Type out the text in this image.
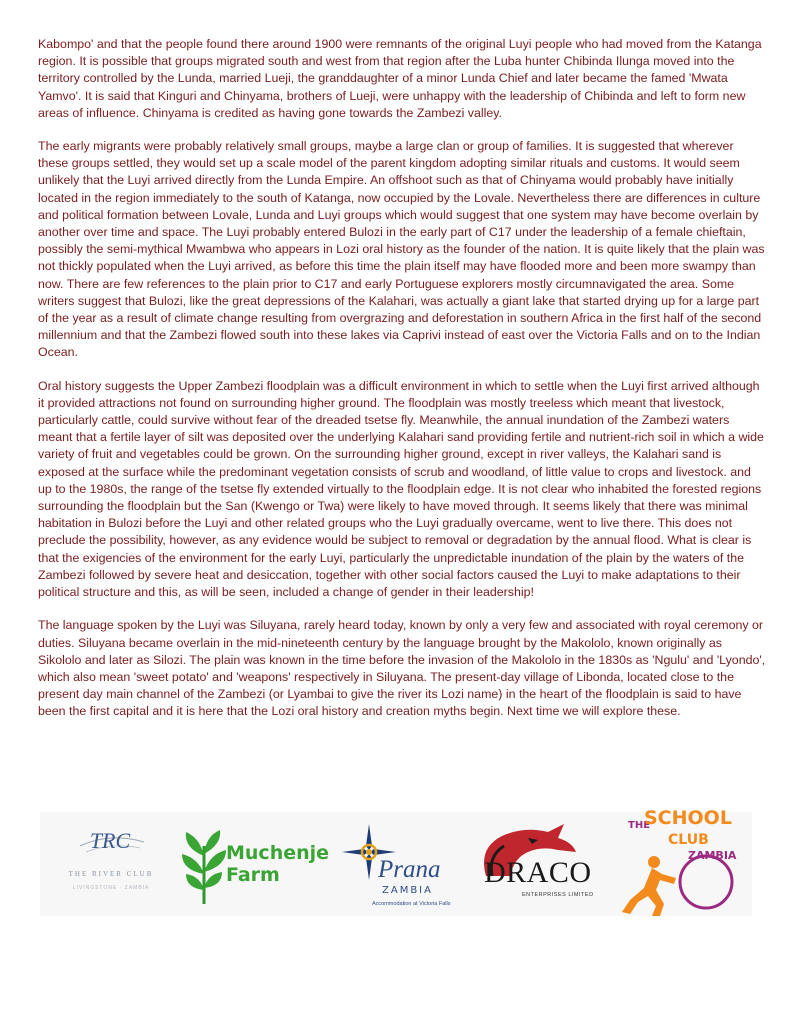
Kabompo' and that the people found there around 1900 were remnants of the original Luyi people who had moved from the Katanga region. It is possible that groups migrated south and west from that region after the Luba hunter Chibinda Ilunga moved into the territory controlled by the Lunda, married Lueji, the granddaughter of a minor Lunda Chief and later became the famed 'Mwata Yamvo'. It is said that Kinguri and Chinyama, brothers of Lueji, were unhappy with the leadership of Chibinda and left to form new areas of influence. Chinyama is credited as having gone towards the Zambezi valley.

The early migrants were probably relatively small groups, maybe a large clan or group of families. It is suggested that wherever these groups settled, they would set up a scale model of the parent kingdom adopting similar rituals and customs. It would seem unlikely that the Luyi arrived directly from the Lunda Empire. An offshoot such as that of Chinyama would probably have initially located in the region immediately to the south of Katanga, now occupied by the Lovale. Nevertheless there are differences in culture and political formation between Lovale, Lunda and Luyi groups which would suggest that one system may have become overlain by another over time and space. The Luyi probably entered Bulozi in the early part of C17 under the leadership of a female chieftain, possibly the semi-mythical Mwambwa who appears in Lozi oral history as the founder of the nation. It is quite likely that the plain was not thickly populated when the Luyi arrived, as before this time the plain itself may have flooded more and been more swampy than now. There are few references to the plain prior to C17 and early Portuguese explorers mostly circumnavigated the area. Some writers suggest that Bulozi, like the great depressions of the Kalahari, was actually a giant lake that started drying up for a large part of the year as a result of climate change resulting from overgrazing and deforestation in southern Africa in the first half of the second millennium and that the Zambezi flowed south into these lakes via Caprivi instead of east over the Victoria Falls and on to the Indian Ocean.

Oral history suggests the Upper Zambezi floodplain was a difficult environment in which to settle when the Luyi first arrived although it provided attractions not found on surrounding higher ground. The floodplain was mostly treeless which meant that livestock, particularly cattle, could survive without fear of the dreaded tsetse fly. Meanwhile, the annual inundation of the Zambezi waters meant that a fertile layer of silt was deposited over the underlying Kalahari sand providing fertile and nutrient-rich soil in which a wide variety of fruit and vegetables could be grown. On the surrounding higher ground, except in river valleys, the Kalahari sand is exposed at the surface while the predominant vegetation consists of scrub and woodland, of little value to crops and livestock. and up to the 1980s, the range of the tsetse fly extended virtually to the floodplain edge. It is not clear who inhabited the forested regions surrounding the floodplain but the San (Kwengo or Twa) were likely to have moved through. It seems likely that there was minimal habitation in Bulozi before the Luyi and other related groups who the Luyi gradually overcame, went to live there. This does not preclude the possibility, however, as any evidence would be subject to removal or degradation by the annual flood. What is clear is that the exigencies of the environment for the early Luyi, particularly the unpredictable inundation of the plain by the waters of the Zambezi followed by severe heat and desiccation, together with other social factors caused the Luyi to make adaptations to their political structure and this, as will be seen, included a change of gender in their leadership!

The language spoken by the Luyi was Siluyana, rarely heard today, known by only a very few and associated with royal ceremony or duties. Siluyana became overlain in the mid-nineteenth century by the language brought by the Makololo, known originally as Sikololo and later as Silozi. The plain was known in the time before the invasion of the Makololo in the 1830s as 'Ngulu' and 'Lyondo', which also mean 'sweet potato' and 'weapons' respectively in Siluyana. The present-day village of Libonda, located close to the present day main channel of the Zambezi (or Lyambai to give the river its Lozi name) in the heart of the floodplain is said to have been the first capital and it is here that the Lozi oral history and creation myths begin. Next time we will explore these.

TRC
THE RIVER CLUB
LIVINGSTONE · ZAMBIA
Muchenje
Farm	Prana
ZAMBIA
Accommodation at Victoria Falls
DRACO
ENTERPRISES LIMITED
THE
SCHOOL
CLUB
ZAMBIA
